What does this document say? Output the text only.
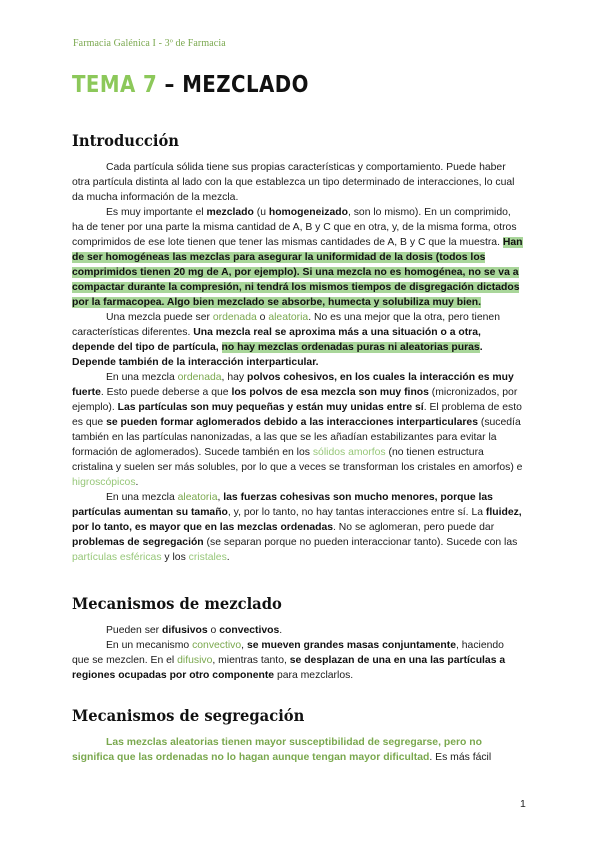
Farmacia Galénica I - 3º de Farmacia
TEMA 7 – MEZCLADO
Introducción

Cada partícula sólida tiene sus propias características y comportamiento. Puede haber otra partícula distinta al lado con la que establezca un tipo determinado de interacciones, lo cual da mucha información de la mezcla.

Es muy importante el mezclado (u homogeneizado, son lo mismo). En un comprimido, ha de tener por una parte la misma cantidad de A, B y C que en otra, y, de la misma forma, otros comprimidos de ese lote tienen que tener las mismas cantidades de A, B y C que la muestra. Han de ser homogéneas las mezclas para asegurar la uniformidad de la dosis (todos los comprimidos tienen 20 mg de A, por ejemplo). Si una mezcla no es homogénea, no se va a compactar durante la compresión, ni tendrá los mismos tiempos de disgregación dictados por la farmacopea. Algo bien mezclado se absorbe, humecta y solubiliza muy bien.

Una mezcla puede ser ordenada o aleatoria. No es una mejor que la otra, pero tienen características diferentes. Una mezcla real se aproxima más a una situación o a otra, depende del tipo de partícula, no hay mezclas ordenadas puras ni aleatorias puras. Depende también de la interacción interparticular.

En una mezcla ordenada, hay polvos cohesivos, en los cuales la interacción es muy fuerte. Esto puede deberse a que los polvos de esa mezcla son muy finos (micronizados, por ejemplo). Las partículas son muy pequeñas y están muy unidas entre sí. El problema de esto es que se pueden formar aglomerados debido a las interacciones interparticulares (sucedía también en las partículas nanonizadas, a las que se les añadían estabilizantes para evitar la formación de aglomerados). Sucede también en los sólidos amorfos (no tienen estructura cristalina y suelen ser más solubles, por lo que a veces se transforman los cristales en amorfos) e higroscópicos.

En una mezcla aleatoria, las fuerzas cohesivas son mucho menores, porque las partículas aumentan su tamaño, y, por lo tanto, no hay tantas interacciones entre sí. La fluidez, por lo tanto, es mayor que en las mezclas ordenadas. No se aglomeran, pero puede dar problemas de segregación (se separan porque no pueden interaccionar tanto). Sucede con las partículas esféricas y los cristales.

Mecanismos de mezclado

Pueden ser difusivos o convectivos.

En un mecanismo convectivo, se mueven grandes masas conjuntamente, haciendo que se mezclen. En el difusivo, mientras tanto, se desplazan de una en una las partículas a regiones ocupadas por otro componente para mezclarlos.

Mecanismos de segregación

Las mezclas aleatorias tienen mayor susceptibilidad de segregarse, pero no significa que las ordenadas no lo hagan aunque tengan mayor dificultad. Es más fácil

1
